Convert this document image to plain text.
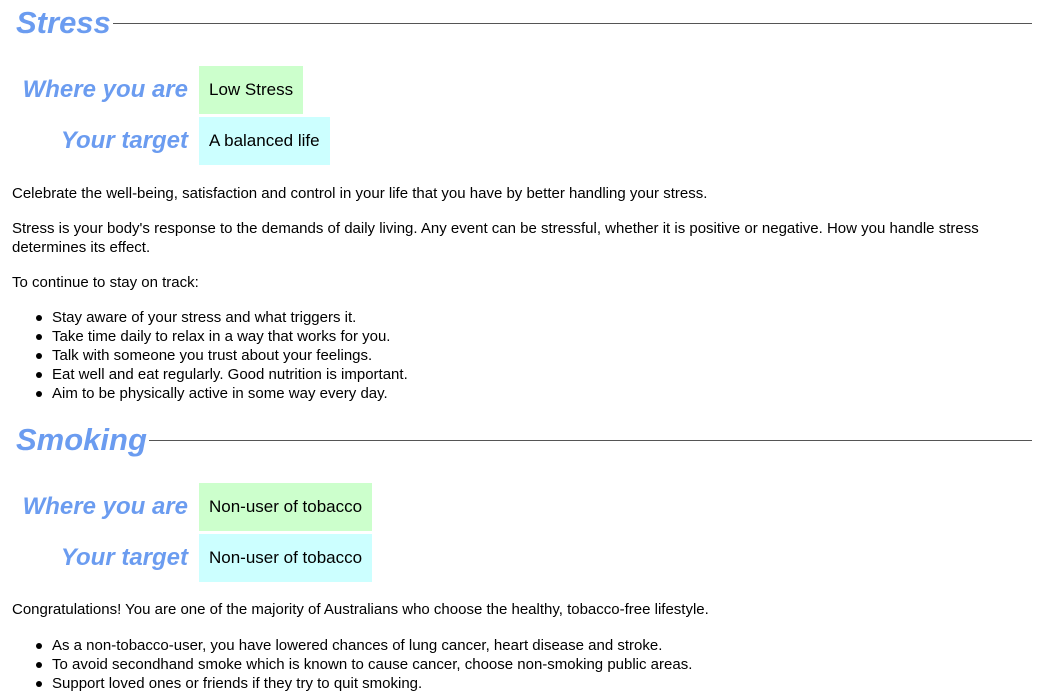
Stress
Where you are	Low Stress
Your target	A balanced life

Celebrate the well-being, satisfaction and control in your life that you have by better handling your stress.

Stress is your body's response to the demands of daily living. Any event can be stressful, whether it is positive or negative. How you handle stress determines its effect.

To continue to stay on track:

Stay aware of your stress and what triggers it.
Take time daily to relax in a way that works for you.
Talk with someone you trust about your feelings.
Eat well and eat regularly. Good nutrition is important.
Aim to be physically active in some way every day.
Smoking
Where you are	Non-user of tobacco
Your target	Non-user of tobacco

Congratulations! You are one of the majority of Australians who choose the healthy, tobacco-free lifestyle.

As a non-tobacco-user, you have lowered chances of lung cancer, heart disease and stroke.
To avoid secondhand smoke which is known to cause cancer, choose non-smoking public areas.
Support loved ones or friends if they try to quit smoking.
